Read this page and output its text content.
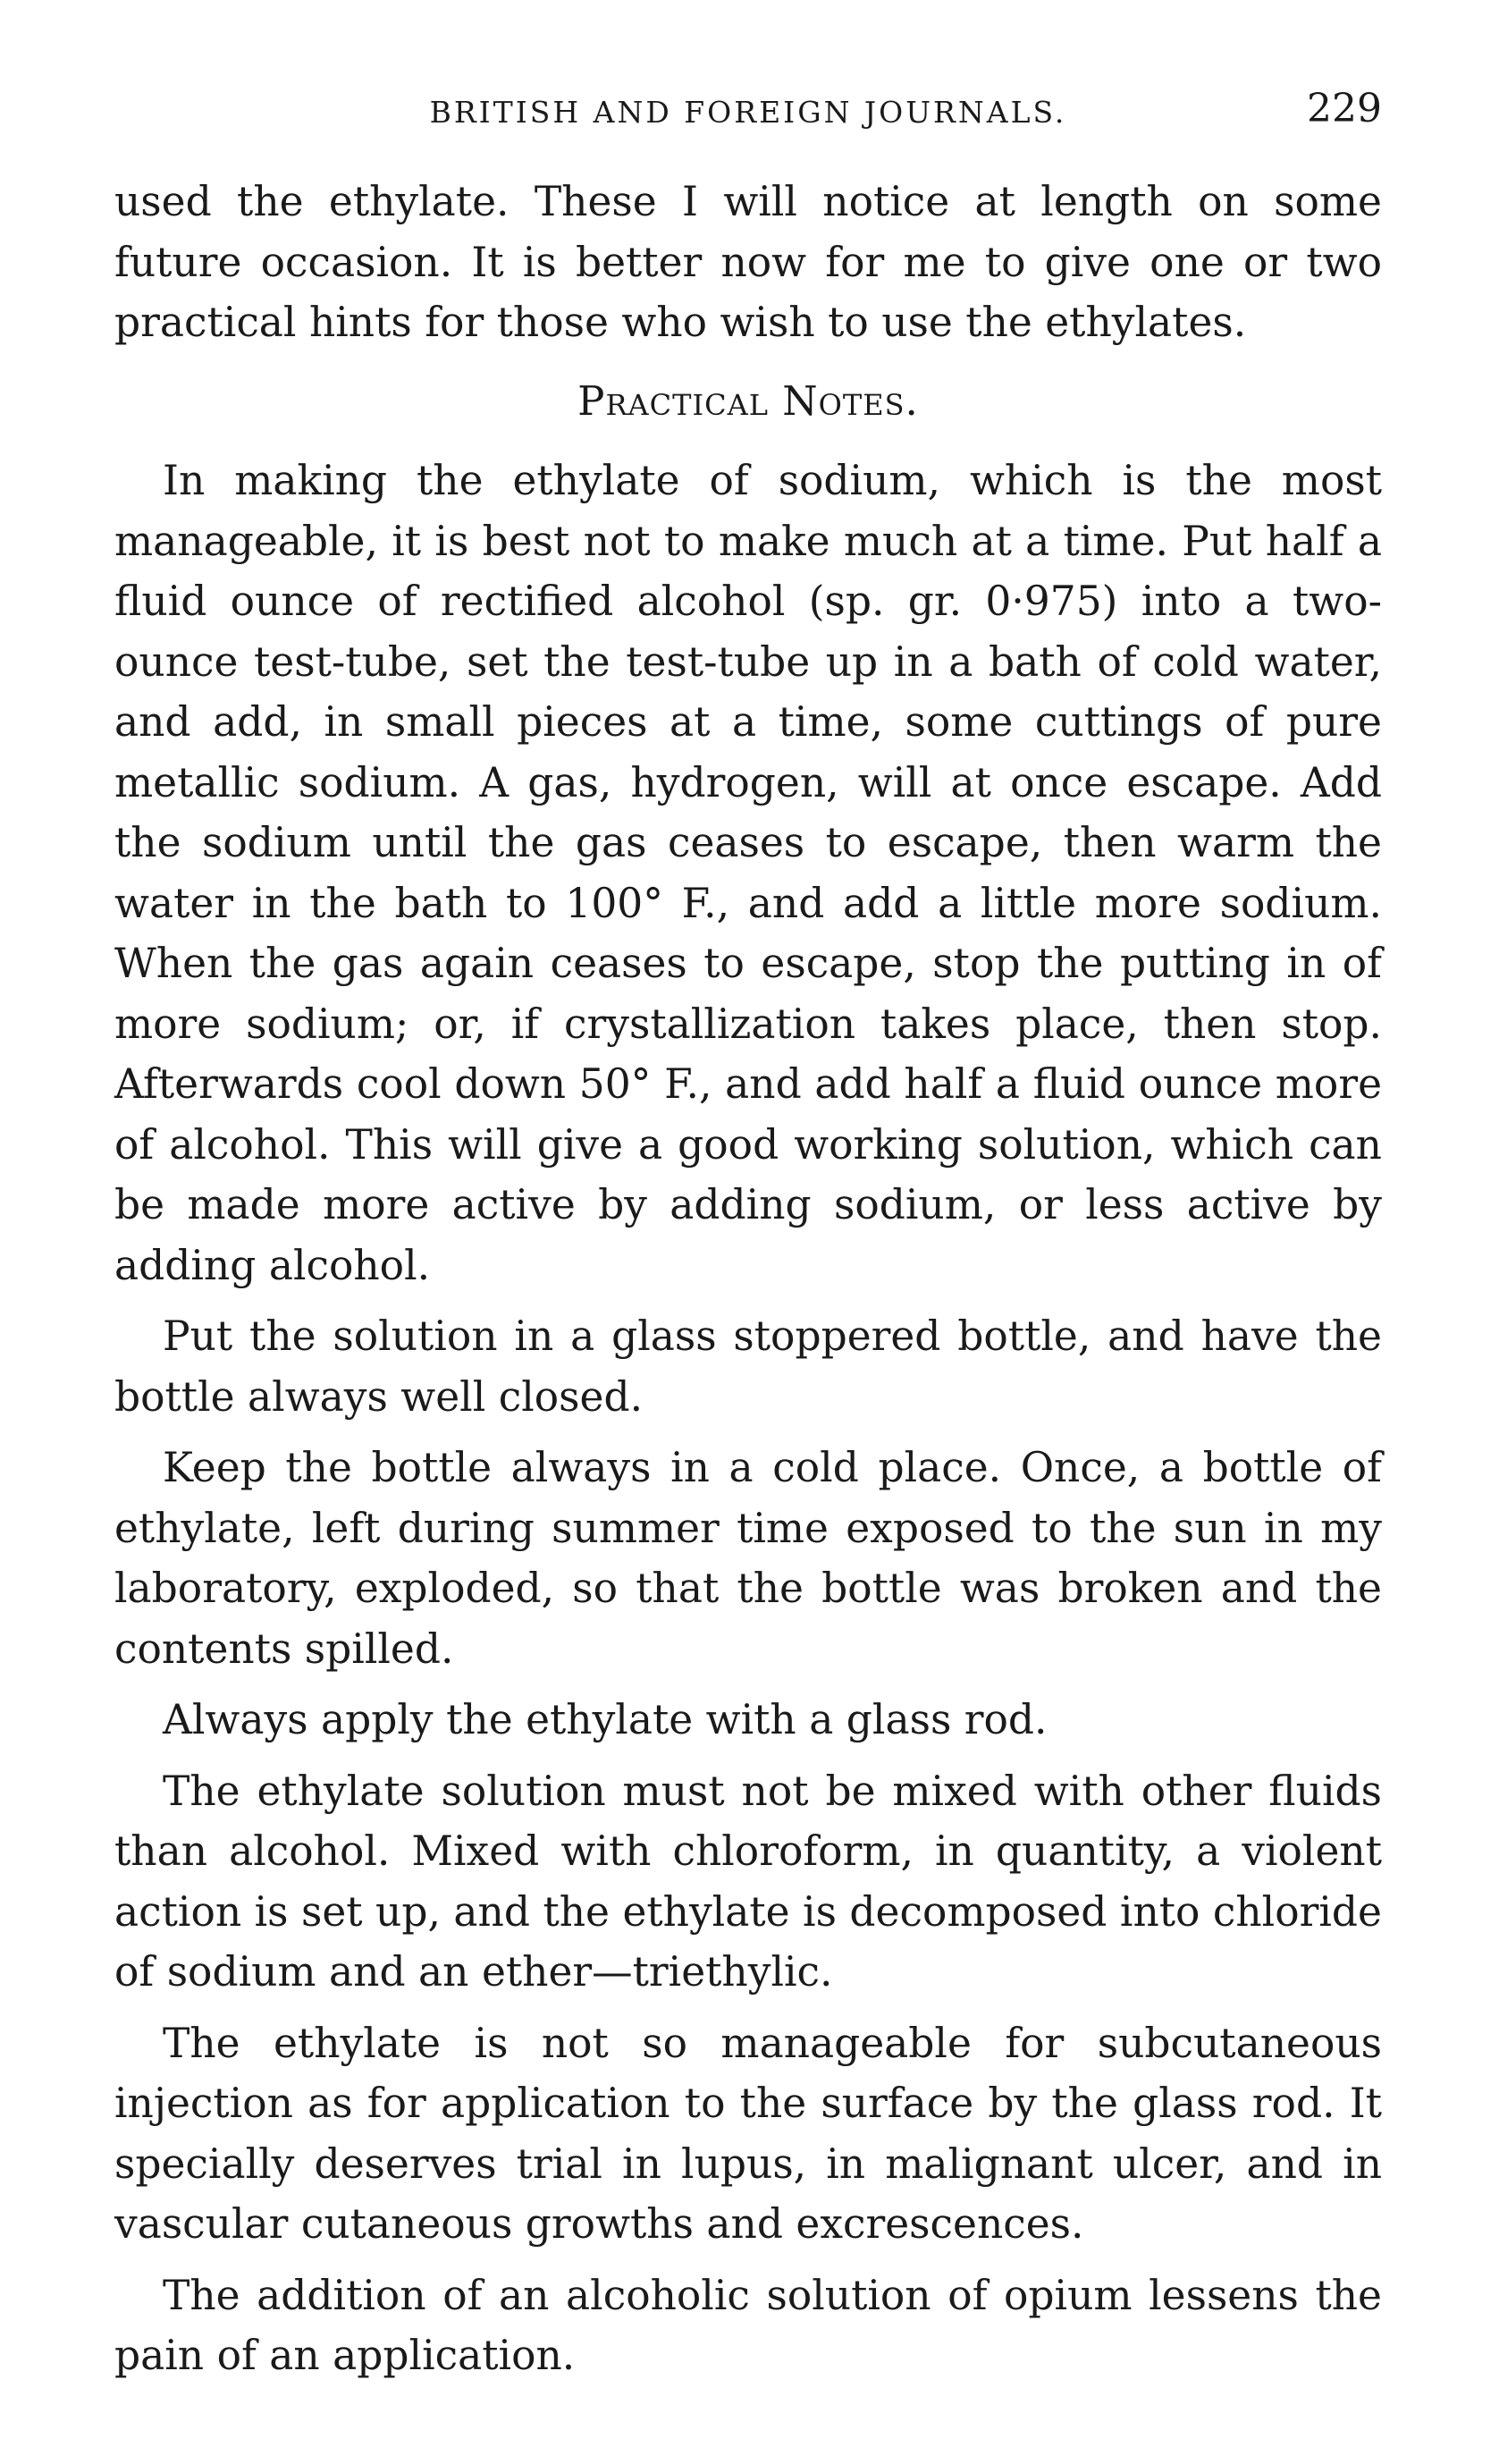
BRITISH AND FOREIGN JOURNALS.	229

used the ethylate. These I will notice at length on some future occasion. It is better now for me to give one or two practical hints for those who wish to use the ethylates.

Practical Notes.

In making the ethylate of sodium, which is the most manageable, it is best not to make much at a time. Put half a fluid ounce of rectified alcohol (sp. gr. 0·975) into a two-ounce test-tube, set the test-tube up in a bath of cold water, and add, in small pieces at a time, some cuttings of pure metallic sodium. A gas, hydrogen, will at once escape. Add the sodium until the gas ceases to escape, then warm the water in the bath to 100° F., and add a little more sodium. When the gas again ceases to escape, stop the putting in of more sodium; or, if crystallization takes place, then stop. Afterwards cool down 50° F., and add half a fluid ounce more of alcohol. This will give a good working solution, which can be made more active by adding sodium, or less active by adding alcohol.

Put the solution in a glass stoppered bottle, and have the bottle always well closed.

Keep the bottle always in a cold place. Once, a bottle of ethylate, left during summer time exposed to the sun in my laboratory, exploded, so that the bottle was broken and the contents spilled.

Always apply the ethylate with a glass rod.

The ethylate solution must not be mixed with other fluids than alcohol. Mixed with chloroform, in quantity, a violent action is set up, and the ethylate is decomposed into chloride of sodium and an ether—triethylic.

The ethylate is not so manageable for subcutaneous injection as for application to the surface by the glass rod. It specially deserves trial in lupus, in malignant ulcer, and in vascular cutaneous growths and excrescences.

The addition of an alcoholic solution of opium lessens the pain of an application.
